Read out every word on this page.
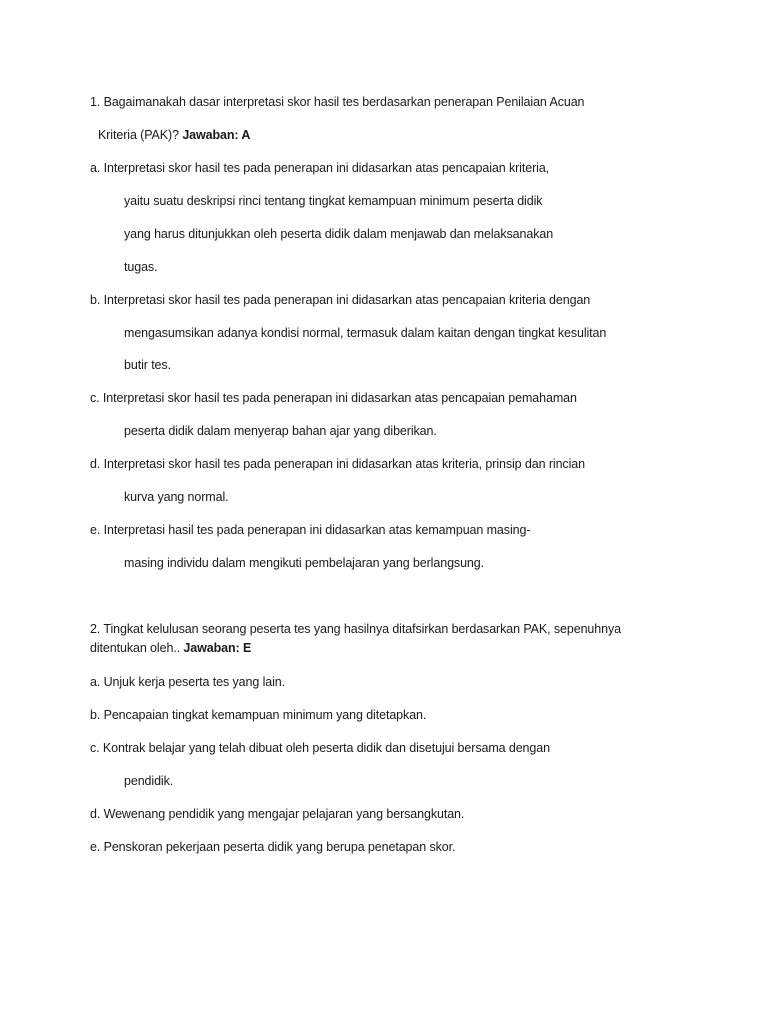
1. Bagaimanakah dasar interpretasi skor hasil tes berdasarkan penerapan Penilaian Acuan
Kriteria (PAK)? Jawaban: A
a. Interpretasi skor hasil tes pada penerapan ini didasarkan atas pencapaian kriteria,
yaitu suatu deskripsi rinci tentang tingkat kemampuan minimum peserta didik
yang harus ditunjukkan oleh peserta didik dalam menjawab dan melaksanakan
tugas.
b. Interpretasi skor hasil tes pada penerapan ini didasarkan atas pencapaian kriteria dengan
mengasumsikan adanya kondisi normal, termasuk dalam kaitan dengan tingkat kesulitan
butir tes.
c. Interpretasi skor hasil tes pada penerapan ini didasarkan atas pencapaian pemahaman
peserta didik dalam menyerap bahan ajar yang diberikan.
d. Interpretasi skor hasil tes pada penerapan ini didasarkan atas kriteria, prinsip dan rincian
kurva yang normal.
e. Interpretasi hasil tes pada penerapan ini didasarkan atas kemampuan masing-
masing individu dalam mengikuti pembelajaran yang berlangsung.
2. Tingkat kelulusan seorang peserta tes yang hasilnya ditafsirkan berdasarkan PAK, sepenuhnya
ditentukan oleh.. Jawaban: E
a. Unjuk kerja peserta tes yang lain.
b. Pencapaian tingkat kemampuan minimum yang ditetapkan.
c. Kontrak belajar yang telah dibuat oleh peserta didik dan disetujui bersama dengan
pendidik.
d. Wewenang pendidik yang mengajar pelajaran yang bersangkutan.
e. Penskoran pekerjaan peserta didik yang berupa penetapan skor.
